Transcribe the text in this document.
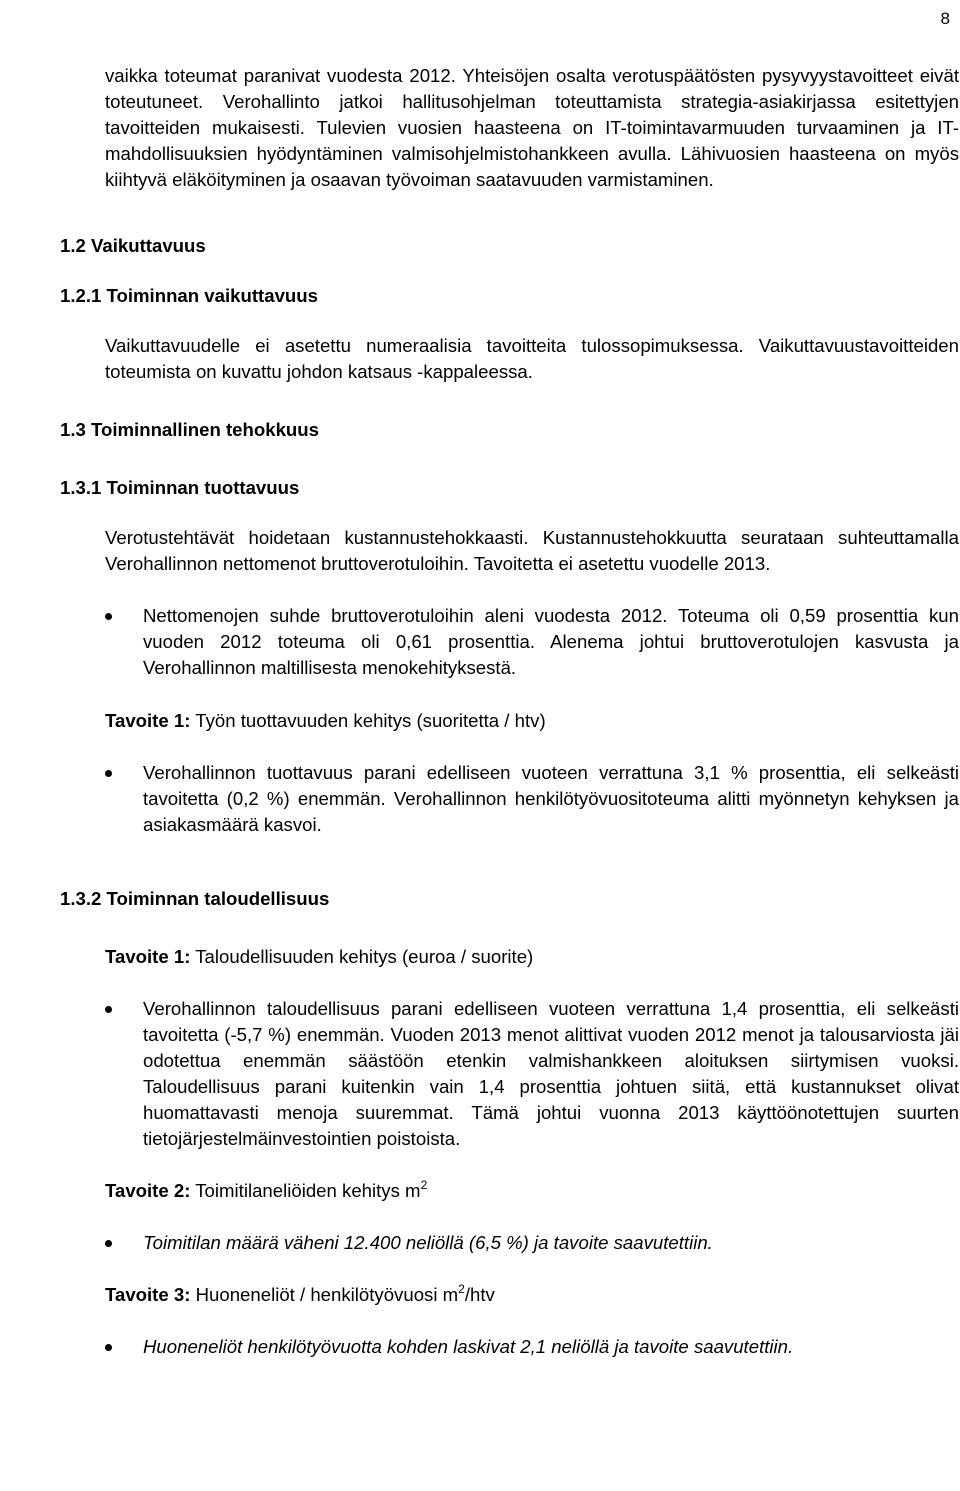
8

vaikka toteumat paranivat vuodesta 2012. Yhteisöjen osalta verotuspäätösten pysyvyystavoitteet eivät toteutuneet. Verohallinto jatkoi hallitusohjelman toteuttamista strategia-asiakirjassa esitettyjen tavoitteiden mukaisesti. Tulevien vuosien haasteena on IT-toimintavarmuuden turvaaminen ja IT-mahdollisuuksien hyödyntäminen valmisohjelmistohankkeen avulla. Lähivuosien haasteena on myös kiihtyvä eläköityminen ja osaavan työvoiman saatavuuden varmistaminen.

1.2 Vaikuttavuus

1.2.1 Toiminnan vaikuttavuus

Vaikuttavuudelle ei asetettu numeraalisia tavoitteita tulossopimuksessa. Vaikuttavuustavoitteiden toteumista on kuvattu johdon katsaus -kappaleessa.

1.3 Toiminnallinen tehokkuus

1.3.1 Toiminnan tuottavuus

Verotustehtävät hoidetaan kustannustehokkaasti. Kustannustehokkuutta seurataan suhteuttamalla Verohallinnon nettomenot bruttoverotuloihin. Tavoitetta ei asetettu vuodelle 2013.

Nettomenojen suhde bruttoverotuloihin aleni vuodesta 2012. Toteuma oli 0,59 prosenttia kun vuoden 2012 toteuma oli 0,61 prosenttia. Alenema johtui bruttoverotulojen kasvusta ja Verohallinnon maltillisesta menokehityksestä.

Tavoite 1: Työn tuottavuuden kehitys (suoritetta / htv)

Verohallinnon tuottavuus parani edelliseen vuoteen verrattuna 3,1 % prosenttia, eli selkeästi tavoitetta (0,2 %) enemmän. Verohallinnon henkilötyövuositoteuma alitti myönnetyn kehyksen ja asiakasmäärä kasvoi.

1.3.2 Toiminnan taloudellisuus

Tavoite 1: Taloudellisuuden kehitys (euroa / suorite)

Verohallinnon taloudellisuus parani edelliseen vuoteen verrattuna 1,4 prosenttia, eli selkeästi tavoitetta (-5,7 %) enemmän. Vuoden 2013 menot alittivat vuoden 2012 menot ja talousarviosta jäi odotettua enemmän säästöön etenkin valmishankkeen aloituksen siirtymisen vuoksi. Taloudellisuus parani kuitenkin vain 1,4 prosenttia johtuen siitä, että kustannukset olivat huomattavasti menoja suuremmat. Tämä johtui vuonna 2013 käyttöönotettujen suurten tietojärjestelmäinvestointien poistoista.

Tavoite 2: Toimitilaneliöiden kehitys $m^2$

Toimitilan määrä väheni 12.400 neliöllä (6,5 %) ja tavoite saavutettiin.

Tavoite 3: Huoneneliöt / henkilötyövuosi $m^2$/htv

Huoneneliöt henkilötyövuotta kohden laskivat 2,1 neliöllä ja tavoite saavutettiin.
